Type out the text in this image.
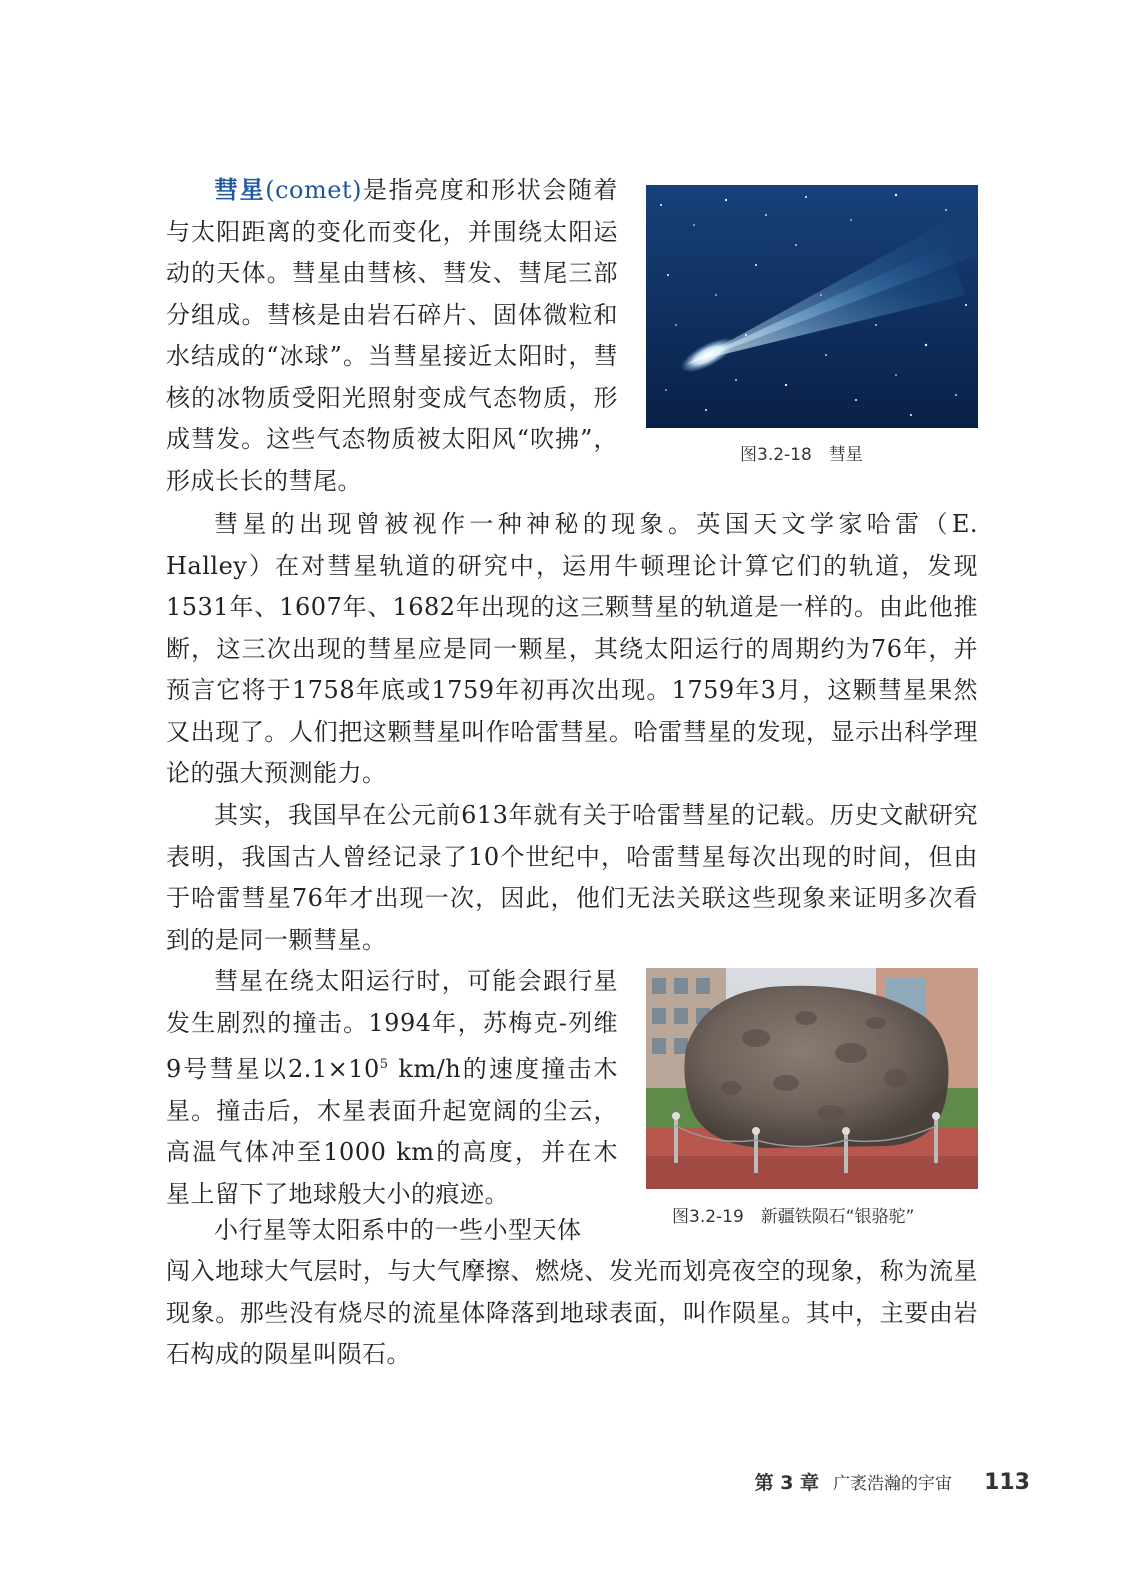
彗星(comet)是指亮度和形状会随着与太阳距离的变化而变化，并围绕太阳运动的天体。彗星由彗核、彗发、彗尾三部分组成。彗核是由岩石碎片、固体微粒和水结成的“冰球”。当彗星接近太阳时，彗核的冰物质受阳光照射变成气态物质，形成彗发。这些气态物质被太阳风“吹拂”，形成长长的彗尾。

图3.2-18　彗星

彗星的出现曾被视作一种神秘的现象。英国天文学家哈雷（E. Halley）在对彗星轨道的研究中，运用牛顿理论计算它们的轨道，发现1531年、1607年、1682年出现的这三颗彗星的轨道是一样的。由此他推断，这三次出现的彗星应是同一颗星，其绕太阳运行的周期约为76年，并预言它将于1758年底或1759年初再次出现。1759年3月，这颗彗星果然又出现了。人们把这颗彗星叫作哈雷彗星。哈雷彗星的发现，显示出科学理论的强大预测能力。

其实，我国早在公元前613年就有关于哈雷彗星的记载。历史文献研究表明，我国古人曾经记录了10个世纪中，哈雷彗星每次出现的时间，但由于哈雷彗星76年才出现一次，因此，他们无法关联这些现象来证明多次看到的是同一颗彗星。

彗星在绕太阳运行时，可能会跟行星发生剧烈的撞击。1994年，苏梅克-列维9号彗星以$2.1\times 10^5$ km/h的速度撞击木星。撞击后，木星表面升起宽阔的尘云，高温气体冲至1000 km的高度，并在木星上留下了地球般大小的痕迹。

图3.2-19　新疆铁陨石“银骆驼”

小行星等太阳系中的一些小型天体

闯入地球大气层时，与大气摩擦、燃烧、发光而划亮夜空的现象，称为流星现象。那些没有烧尽的流星体降落到地球表面，叫作陨星。其中，主要由岩石构成的陨星叫陨石。

第 3 章 广袤浩瀚的宇宙 113
